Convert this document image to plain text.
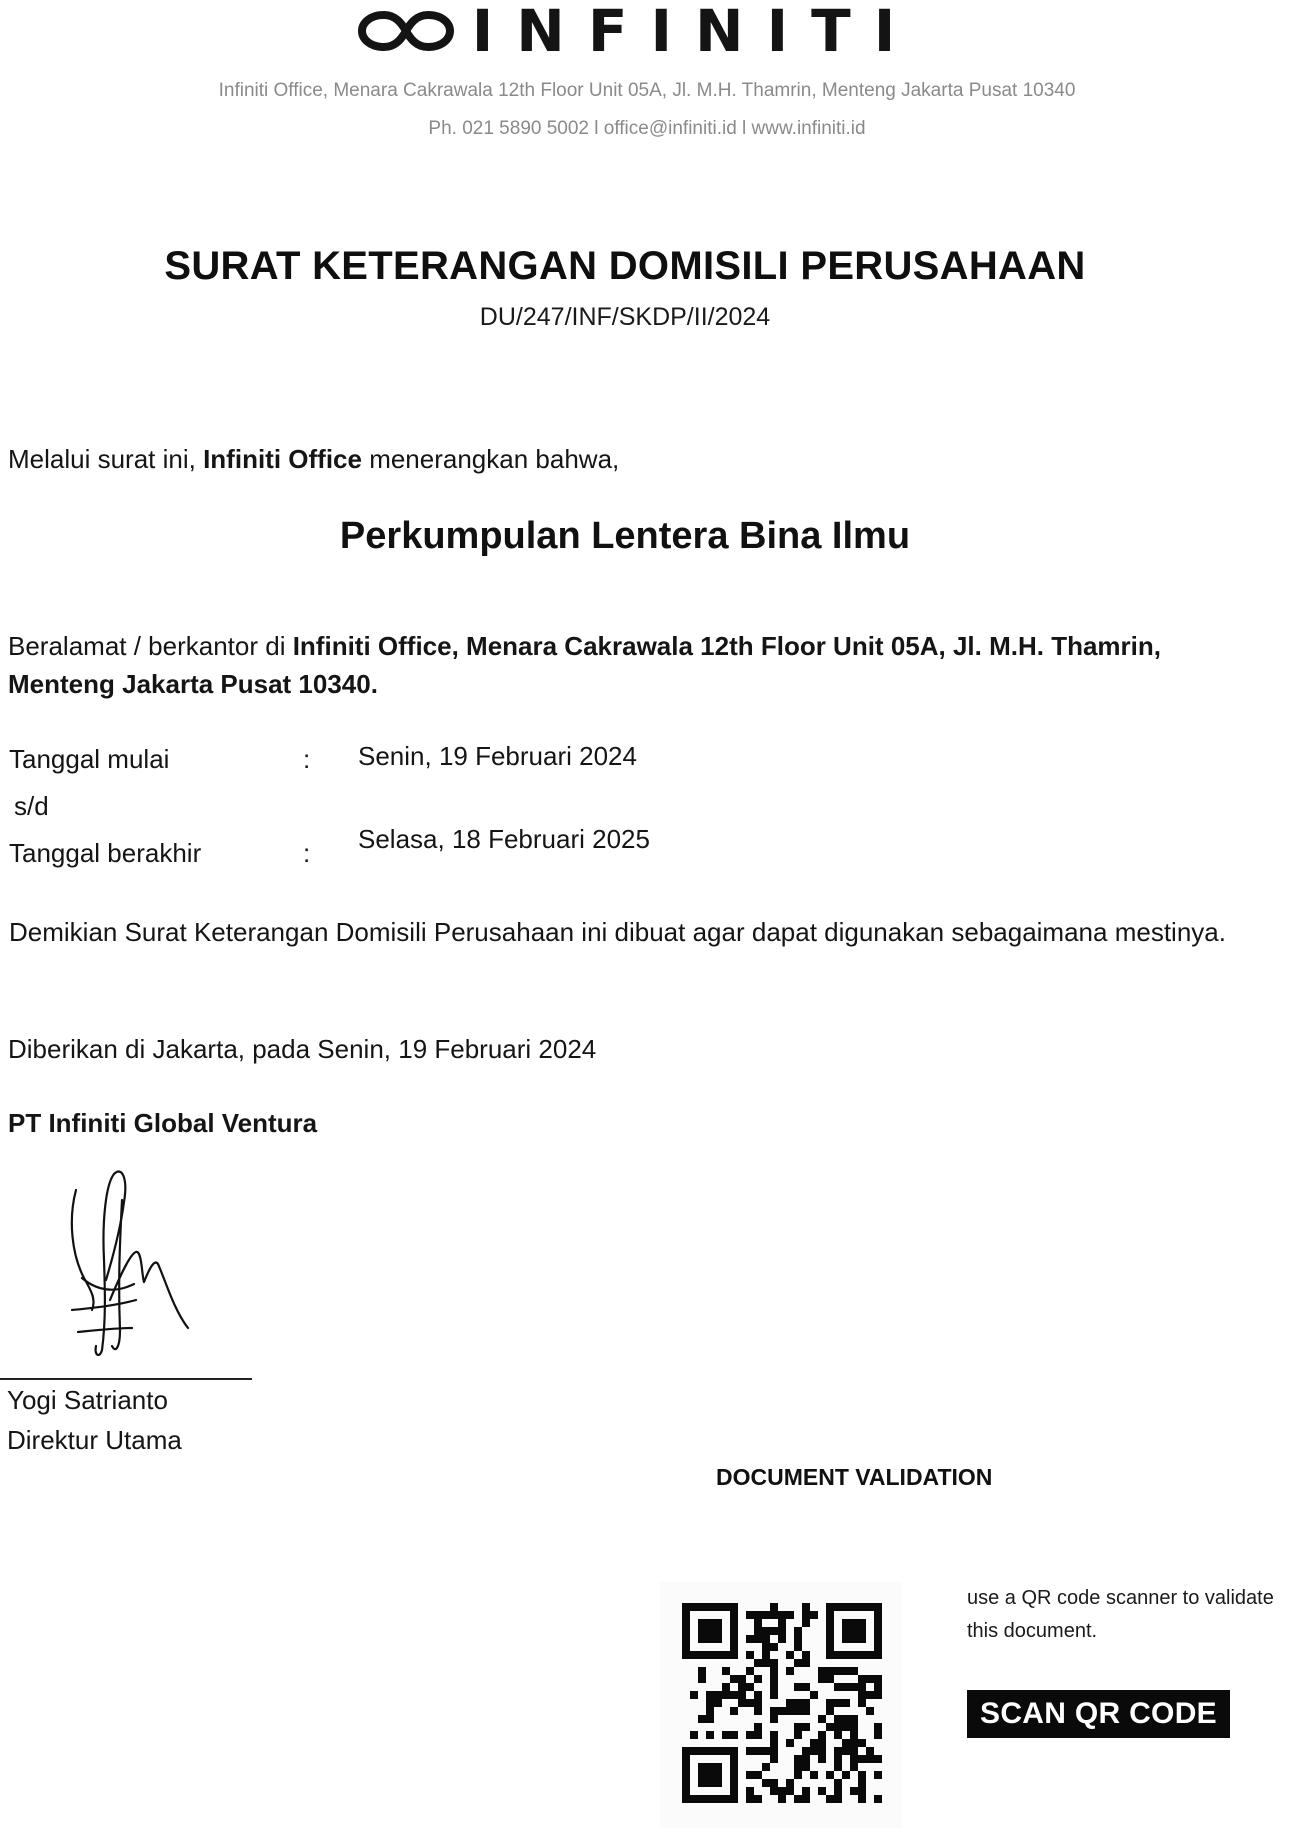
INFINITI
Infiniti Office, Menara Cakrawala 12th Floor Unit 05A, Jl. M.H. Thamrin, Menteng Jakarta Pusat 10340
Ph. 021 5890 5002 l office@infiniti.id l www.infiniti.id
SURAT KETERANGAN DOMISILI PERUSAHAAN
DU/247/INF/SKDP/II/2024
Melalui surat ini, Infiniti Office menerangkan bahwa,
Perkumpulan Lentera Bina Ilmu
Beralamat / berkantor di Infiniti Office, Menara Cakrawala 12th Floor Unit 05A, Jl. M.H. Thamrin, Menteng Jakarta Pusat 10340.
Tanggal mulai	: Senin, 19 Februari 2024
s/d
Tanggal berakhir	: Selasa, 18 Februari 2025
Demikian Surat Keterangan Domisili Perusahaan ini dibuat agar dapat digunakan sebagaimana mestinya.
Diberikan di Jakarta, pada Senin, 19 Februari 2024
PT Infiniti Global Ventura
Yogi Satrianto
Direktur Utama
DOCUMENT VALIDATION
use a QR code scanner to validate this document.
SCAN QR CODE
